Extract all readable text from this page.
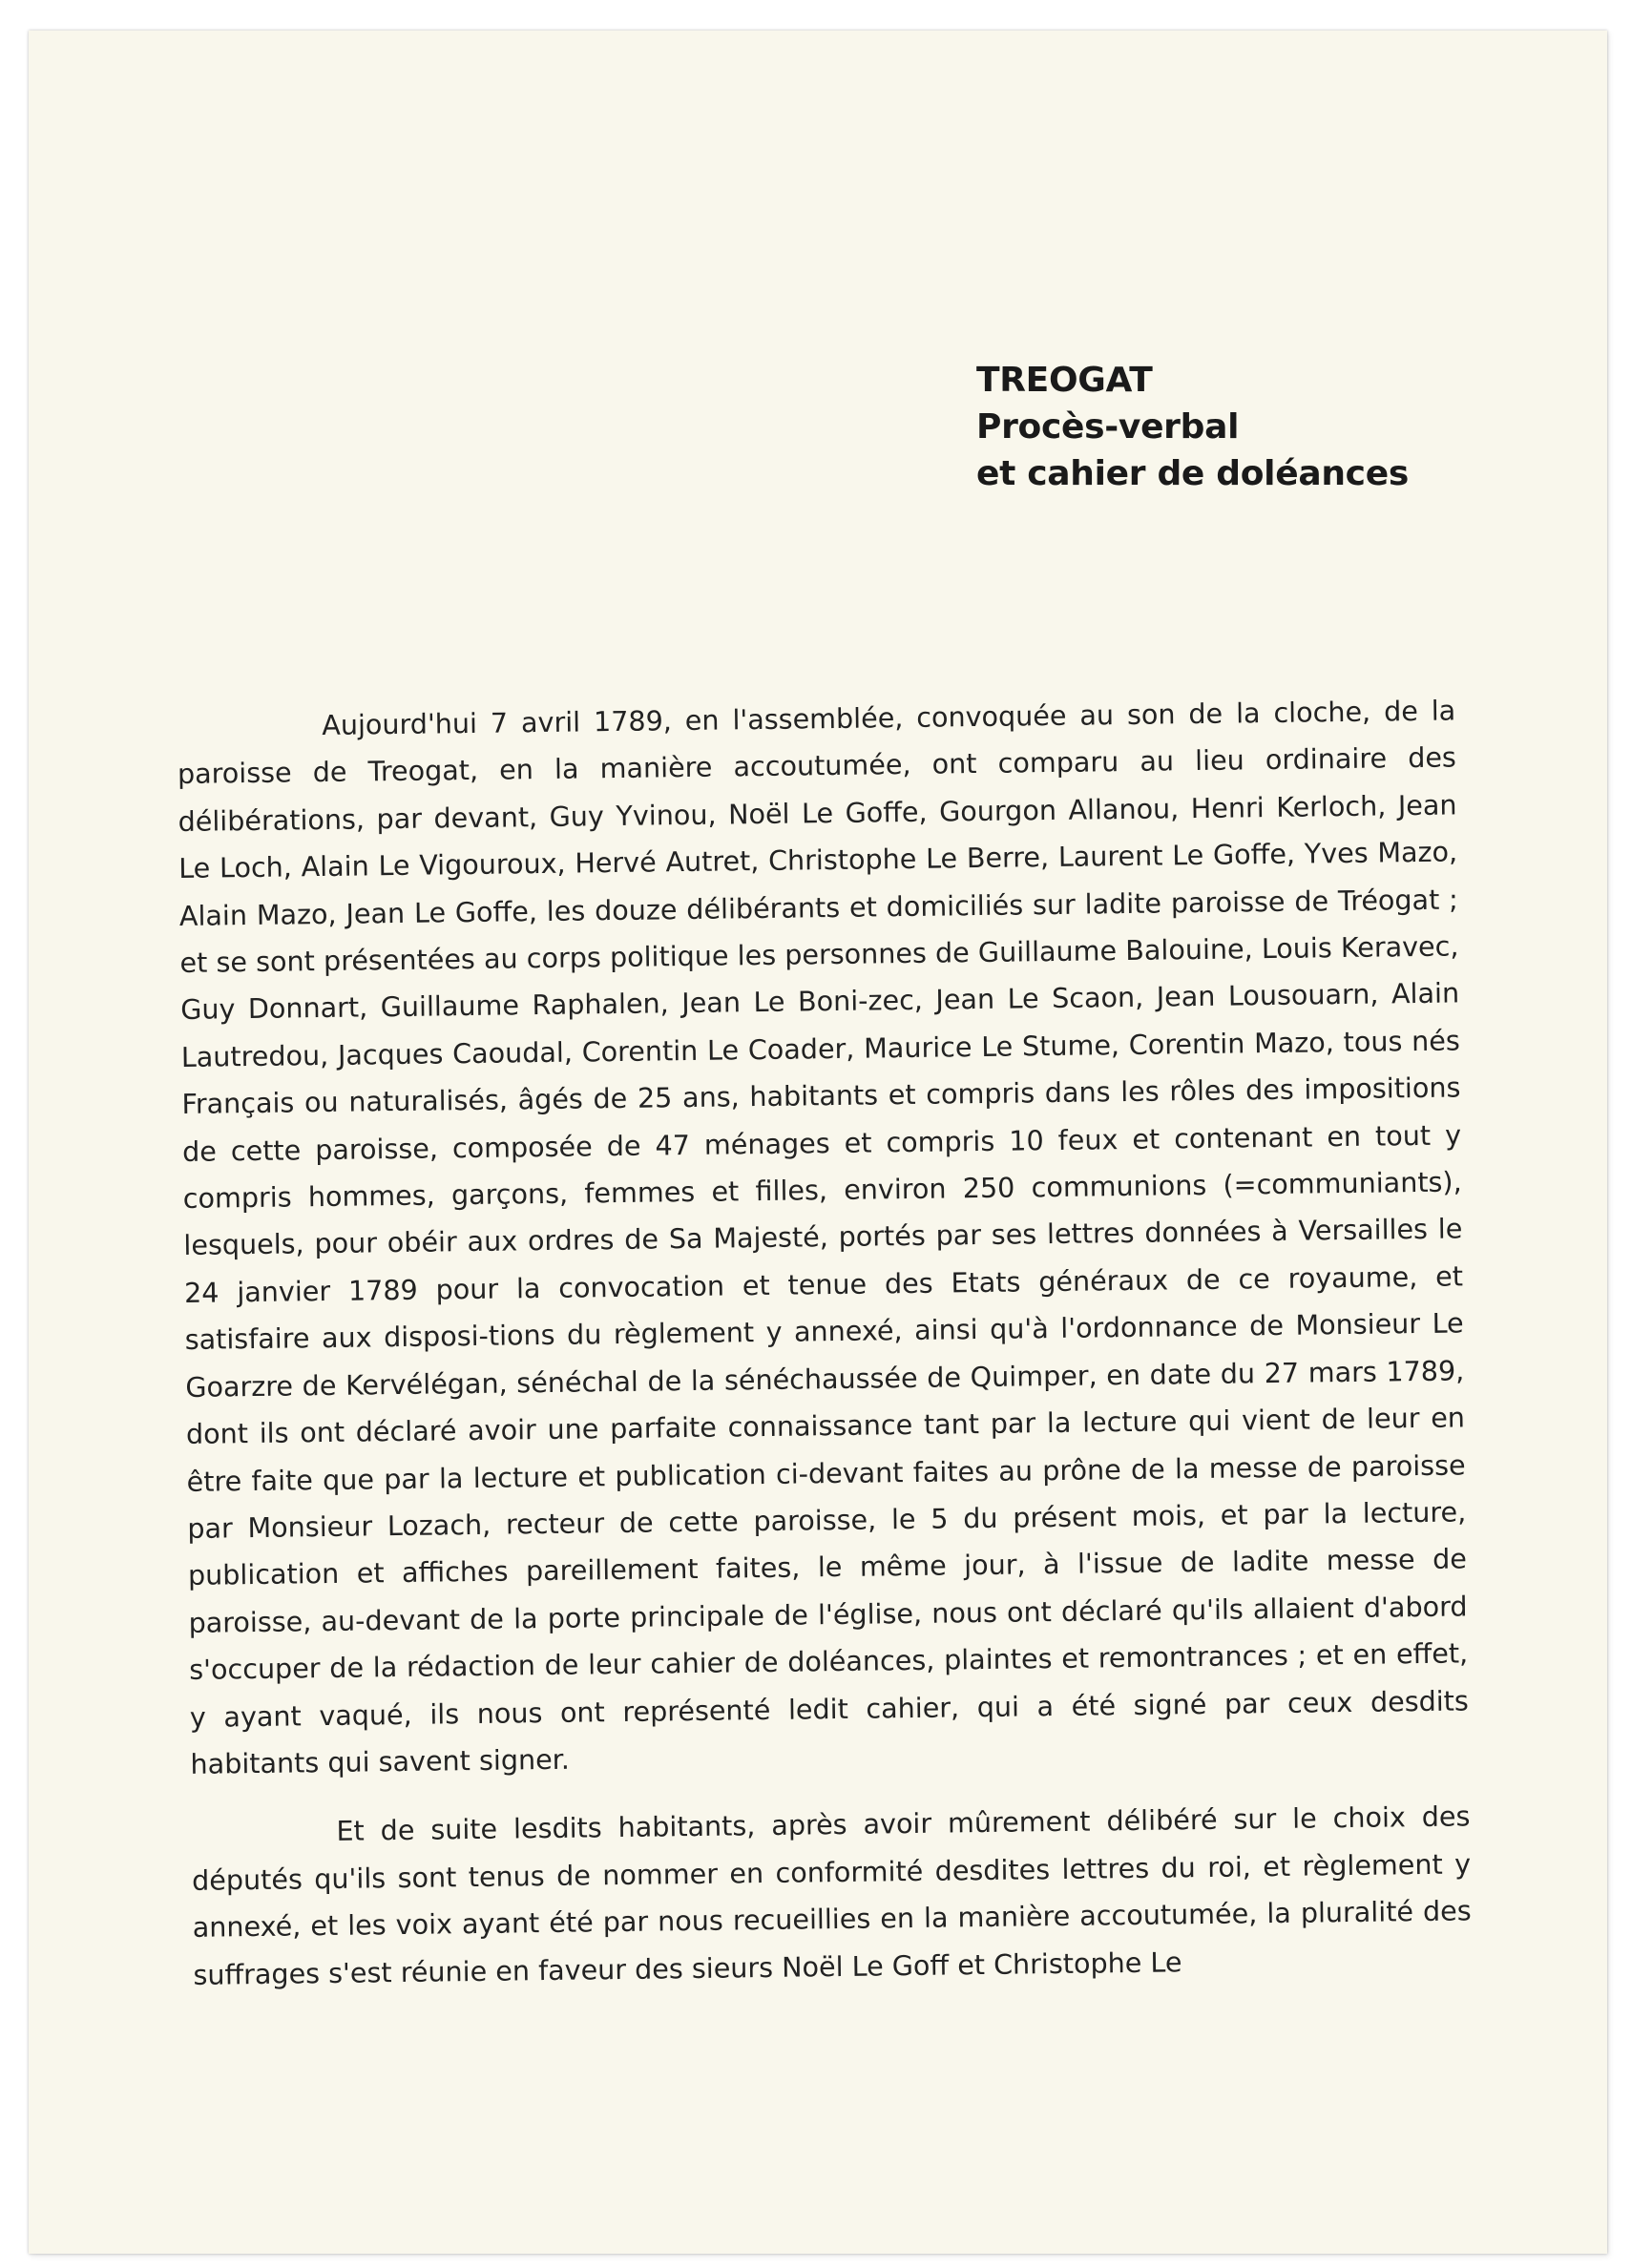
TREOGAT
Procès-verbal
et cahier de doléances

Aujourd'hui 7 avril 1789, en l'assemblée, convoquée au son de la cloche, de la paroisse de Treogat, en la manière accoutumée, ont comparu au lieu ordinaire des délibérations, par devant, Guy Yvinou, Noël Le Goffe, Gourgon Allanou, Henri Kerloch, Jean Le Loch, Alain Le Vigouroux, Hervé Autret, Christophe Le Berre, Laurent Le Goffe, Yves Mazo, Alain Mazo, Jean Le Goffe, les douze délibérants et domiciliés sur ladite paroisse de Tréogat ; et se sont présentées au corps politique les personnes de Guillaume Balouine, Louis Keravec, Guy Donnart, Guillaume Raphalen, Jean Le Boni-zec, Jean Le Scaon, Jean Lousouarn, Alain Lautredou, Jacques Caoudal, Corentin Le Coader, Maurice Le Stume, Corentin Mazo, tous nés Français ou naturalisés, âgés de 25 ans, habitants et compris dans les rôles des impositions de cette paroisse, composée de 47 ménages et compris 10 feux et contenant en tout y compris hommes, garçons, femmes et filles, environ 250 communions (=communiants), lesquels, pour obéir aux ordres de Sa Majesté, portés par ses lettres données à Versailles le 24 janvier 1789 pour la convocation et tenue des Etats généraux de ce royaume, et satisfaire aux disposi-tions du règlement y annexé, ainsi qu'à l'ordonnance de Monsieur Le Goarzre de Kervélégan, sénéchal de la sénéchaussée de Quimper, en date du 27 mars 1789, dont ils ont déclaré avoir une parfaite connaissance tant par la lecture qui vient de leur en être faite que par la lecture et publication ci-devant faites au prône de la messe de paroisse par Monsieur Lozach, recteur de cette paroisse, le 5 du présent mois, et par la lecture, publication et affiches pareillement faites, le même jour, à l'issue de ladite messe de paroisse, au-devant de la porte principale de l'église, nous ont déclaré qu'ils allaient d'abord s'occuper de la rédaction de leur cahier de doléances, plaintes et remontrances ; et en effet, y ayant vaqué, ils nous ont représenté ledit cahier, qui a été signé par ceux desdits habitants qui savent signer.

Et de suite lesdits habitants, après avoir mûrement délibéré sur le choix des députés qu'ils sont tenus de nommer en conformité desdites lettres du roi, et règlement y annexé, et les voix ayant été par nous recueillies en la manière accoutumée, la pluralité des suffrages s'est réunie en faveur des sieurs Noël Le Goff et Christophe Le
